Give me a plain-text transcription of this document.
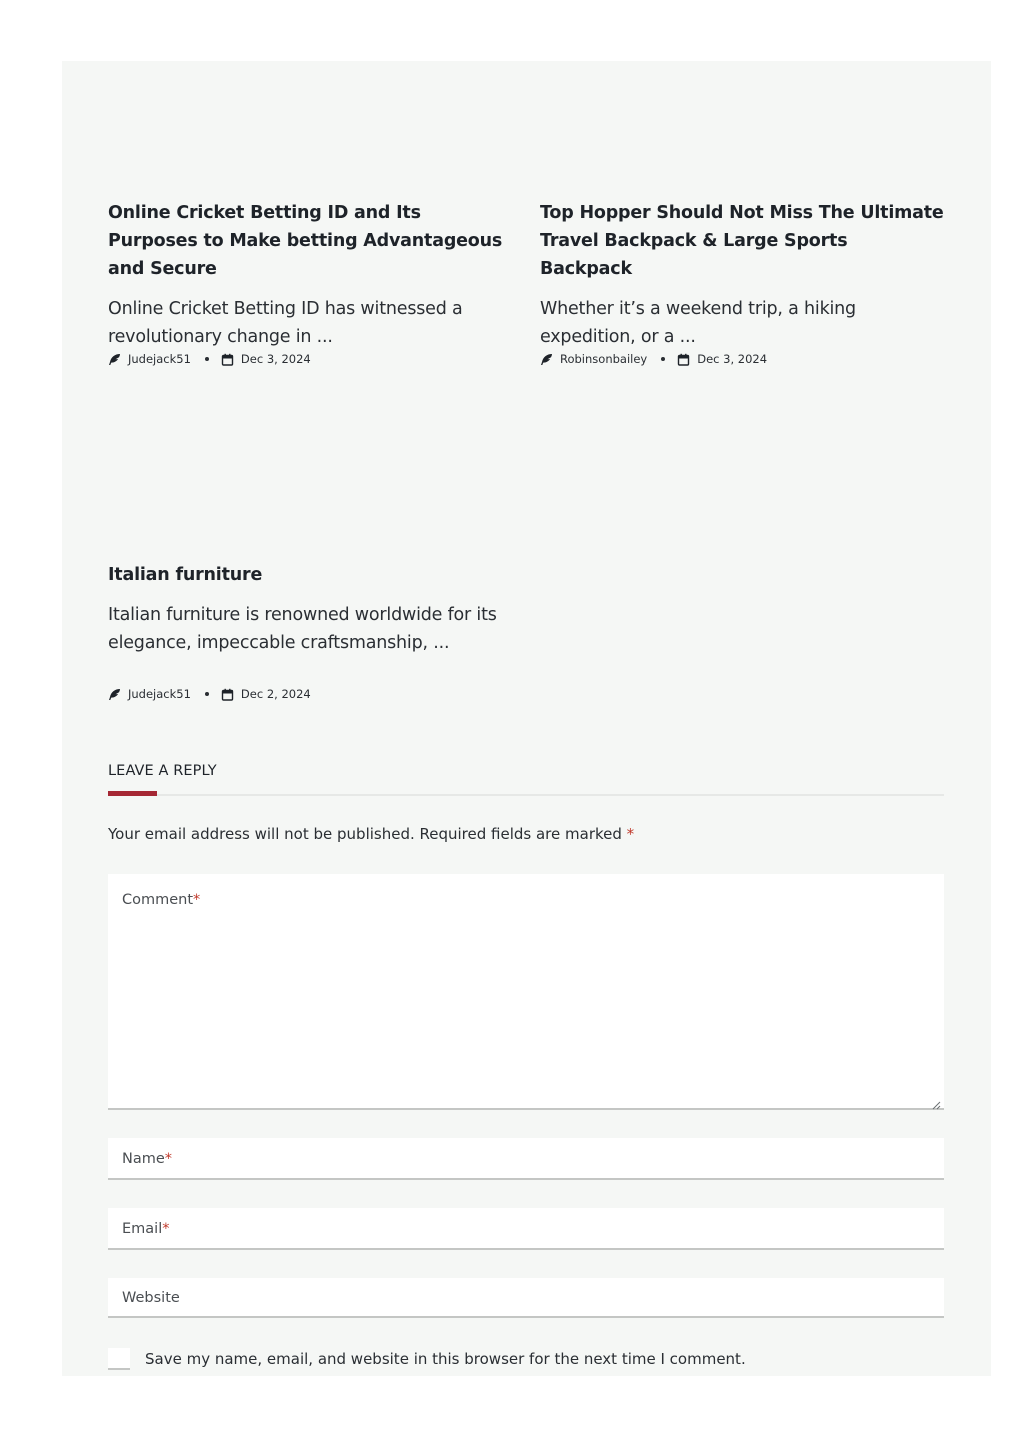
Online Cricket Betting ID and Its Purposes to Make betting Advantageous and Secure

Online Cricket Betting ID has witnessed a revolutionary change in ...

Judejack51	Dec 3, 2024
Top Hopper Should Not Miss The Ultimate Travel Backpack & Large Sports Backpack

Whether it’s a weekend trip, a hiking expedition, or a ...

Robinsonbailey	Dec 3, 2024
Italian furniture

Italian furniture is renowned worldwide for its elegance, impeccable craftsmanship, ...

Judejack51	Dec 2, 2024
LEAVE A REPLY

Your email address will not be published. Required fields are marked *

Comment*
Name*
Email*
Website
Save my name, email, and website in this browser for the next time I comment.
